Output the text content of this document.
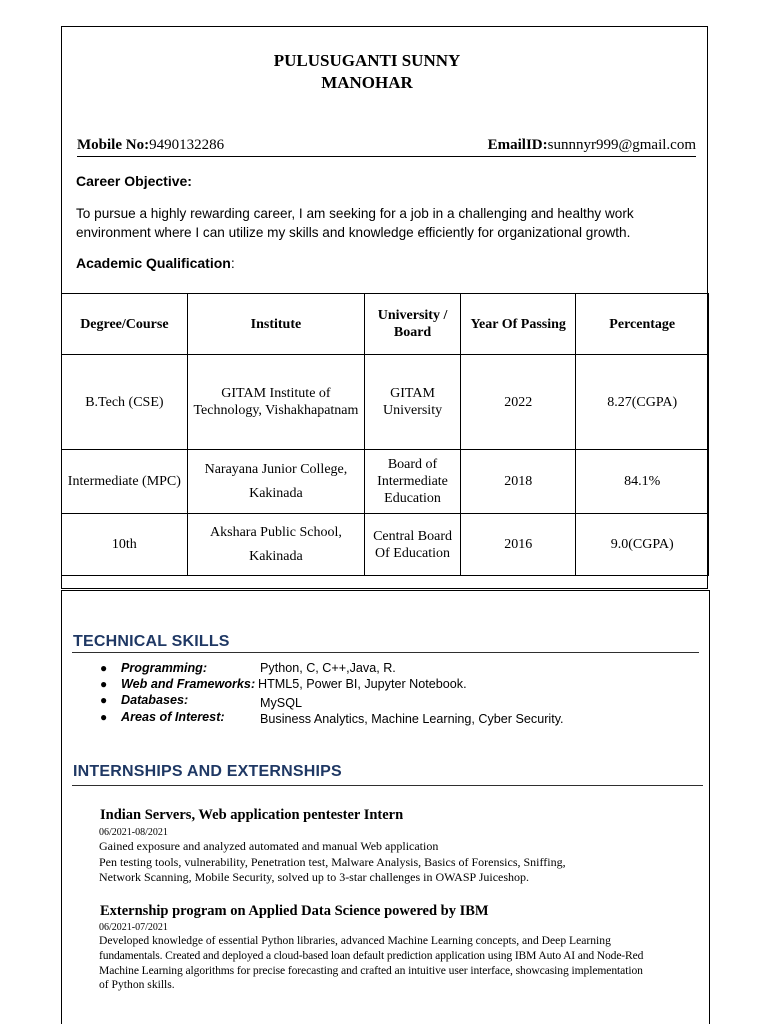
PULUSUGANTI SUNNY
MANOHAR
Mobile No:9490132286	EmailID:sunnnyr999@gmail.com
Career Objective:
To pursue a highly rewarding career, I am seeking for a job in a challenging and healthy work environment where I can utilize my skills and knowledge efficiently for organizational growth.
Academic Qualification:
Degree/Course	Institute	University / Board	Year Of Passing	Percentage
B.Tech (CSE)	GITAM Institute of Technology, Vishakhapatnam	GITAM University	2022	8.27(CGPA)
Intermediate (MPC)	Narayana Junior College, Kakinada	Board of Intermediate Education	2018	84.1%
10th	Akshara Public School, Kakinada	Central Board Of Education	2016	9.0(CGPA)
TECHNICAL SKILLS
● Programming:	Python, C, C++,Java, R.
● Web and Frameworks: HTML5, Power BI, Jupyter Notebook.
● Databases:	MySQL
● Areas of Interest:	Business Analytics, Machine Learning, Cyber Security.
INTERNSHIPS AND EXTERNSHIPS
Indian Servers, Web application pentester Intern
06/2021-08/2021
Gained exposure and analyzed automated and manual Web application
Pen testing tools, vulnerability, Penetration test, Malware Analysis, Basics of Forensics, Sniffing,
Network Scanning, Mobile Security, solved up to 3-star challenges in OWASP Juiceshop.
Externship program on Applied Data Science powered by IBM
06/2021-07/2021
Developed knowledge of essential Python libraries, advanced Machine Learning concepts, and Deep Learning
fundamentals. Created and deployed a cloud-based loan default prediction application using IBM Auto AI and Node-Red
Machine Learning algorithms for precise forecasting and crafted an intuitive user interface, showcasing implementation
of Python skills.
